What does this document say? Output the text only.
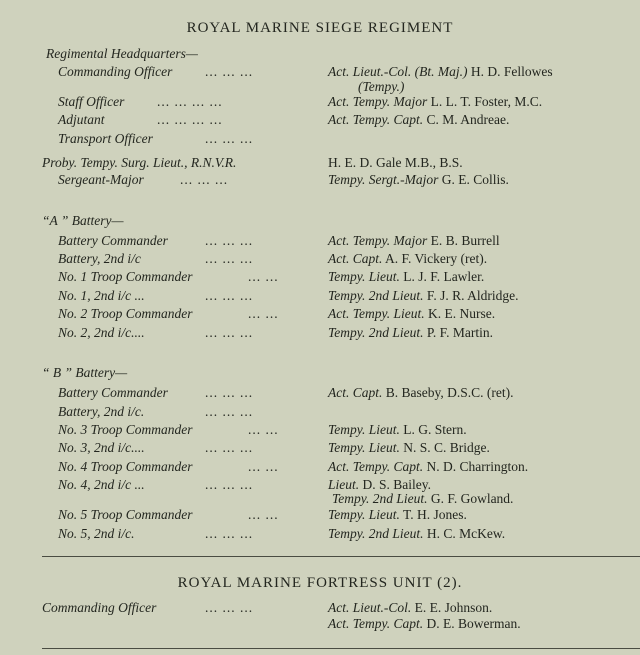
ROYAL MARINE SIEGE REGIMENT
Regimental Headquarters—
Commanding Officer ... ... ...	Act. Lieut.-Col. (Bt. Maj.) H. D. Fellowes
(Tempy.)
Staff Officer ... ... ... ...	Act. Tempy. Major L. L. T. Foster, M.C.
Adjutant	... ... ... ...	Act. Tempy. Capt. C. M. Andreae.
Transport Officer	... ... ...
Proby. Tempy. Surg. Lieut., R.N.V.R.	H. E. D. Gale M.B., B.S.
Sergeant-Major	... ... ...	Tempy. Sergt.-Major G. E. Collis.
“A ” Battery—
Battery Commander	... ... ...	Act. Tempy. Major E. B. Burrell
Battery, 2nd i/c	... ... ...	Act. Capt. A. F. Vickery (ret).
No. 1 Troop Commander	... ...	Tempy. Lieut. L. J. F. Lawler.
No. 1, 2nd i/c ...	... ... ...	Tempy. 2nd Lieut. F. J. R. Aldridge.
No. 2 Troop Commander	... ...	Act. Tempy. Lieut. K. E. Nurse.
No. 2, 2nd i/c....	... ... ...	Tempy. 2nd Lieut. P. F. Martin.
“ B ” Battery—
Battery Commander	... ... ...	Act. Capt. B. Baseby, D.S.C. (ret).
Battery, 2nd i/c.	... ... ...
No. 3 Troop Commander	... ...	Tempy. Lieut. L. G. Stern.
No. 3, 2nd i/c....	... ... ...	Tempy. Lieut. N. S. C. Bridge.
No. 4 Troop Commander	... ...	Act. Tempy. Capt. N. D. Charrington.
No. 4, 2nd i/c ...	... ... ...	Lieut. D. S. Bailey.
Tempy. 2nd Lieut. G. F. Gowland.
No. 5 Troop Commander	... ...	Tempy. Lieut. T. H. Jones.
No. 5, 2nd i/c.	... ... ...	Tempy. 2nd Lieut. H. C. McKew.
ROYAL MARINE FORTRESS UNIT (2).
Commanding Officer	... ... ...	Act. Lieut.-Col. E. E. Johnson.
Act. Tempy. Capt. D. E. Bowerman.
